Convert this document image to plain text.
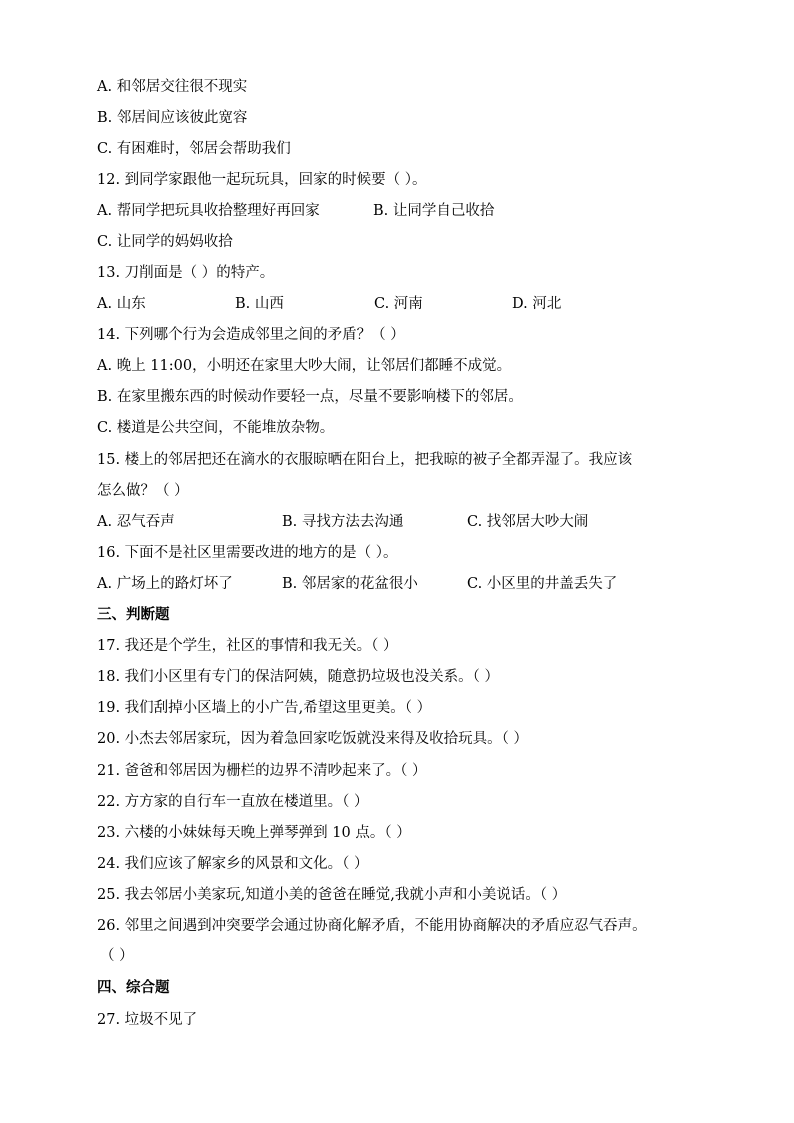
A. 和邻居交往很不现实
B. 邻居间应该彼此宽容
C. 有困难时，邻居会帮助我们
12. 到同学家跟他一起玩玩具，回家的时候要（ ）。
A. 帮同学把玩具收拾整理好再回家	B. 让同学自己收拾
C. 让同学的妈妈收拾
13. 刀削面是（ ）的特产。
A. 山东	B. 山西	C. 河南	D. 河北
14. 下列哪个行为会造成邻里之间的矛盾？（ ）
A. 晚上 11:00，小明还在家里大吵大闹，让邻居们都睡不成觉。
B. 在家里搬东西的时候动作要轻一点，尽量不要影响楼下的邻居。
C. 楼道是公共空间，不能堆放杂物。
15. 楼上的邻居把还在滴水的衣服晾晒在阳台上，把我晾的被子全都弄湿了。我应该
怎么做？（ ）
A. 忍气吞声	B. 寻找方法去沟通	C. 找邻居大吵大闹
16. 下面不是社区里需要改进的地方的是（ ）。
A. 广场上的路灯坏了	B. 邻居家的花盆很小	C. 小区里的井盖丢失了
三、判断题
17. 我还是个学生，社区的事情和我无关。（ ）
18. 我们小区里有专门的保洁阿姨，随意扔垃圾也没关系。（ ）
19. 我们刮掉小区墙上的小广告,希望这里更美。（ ）
20. 小杰去邻居家玩，因为着急回家吃饭就没来得及收拾玩具。（ ）
21. 爸爸和邻居因为栅栏的边界不清吵起来了。（ ）
22. 方方家的自行车一直放在楼道里。（ ）
23. 六楼的小妹妹每天晚上弹琴弹到 10 点。（ ）
24. 我们应该了解家乡的风景和文化。（ ）
25. 我去邻居小美家玩,知道小美的爸爸在睡觉,我就小声和小美说话。（ ）
26. 邻里之间遇到冲突要学会通过协商化解矛盾，不能用协商解决的矛盾应忍气吞声。
（ ）
四、综合题
27. 垃圾不见了
